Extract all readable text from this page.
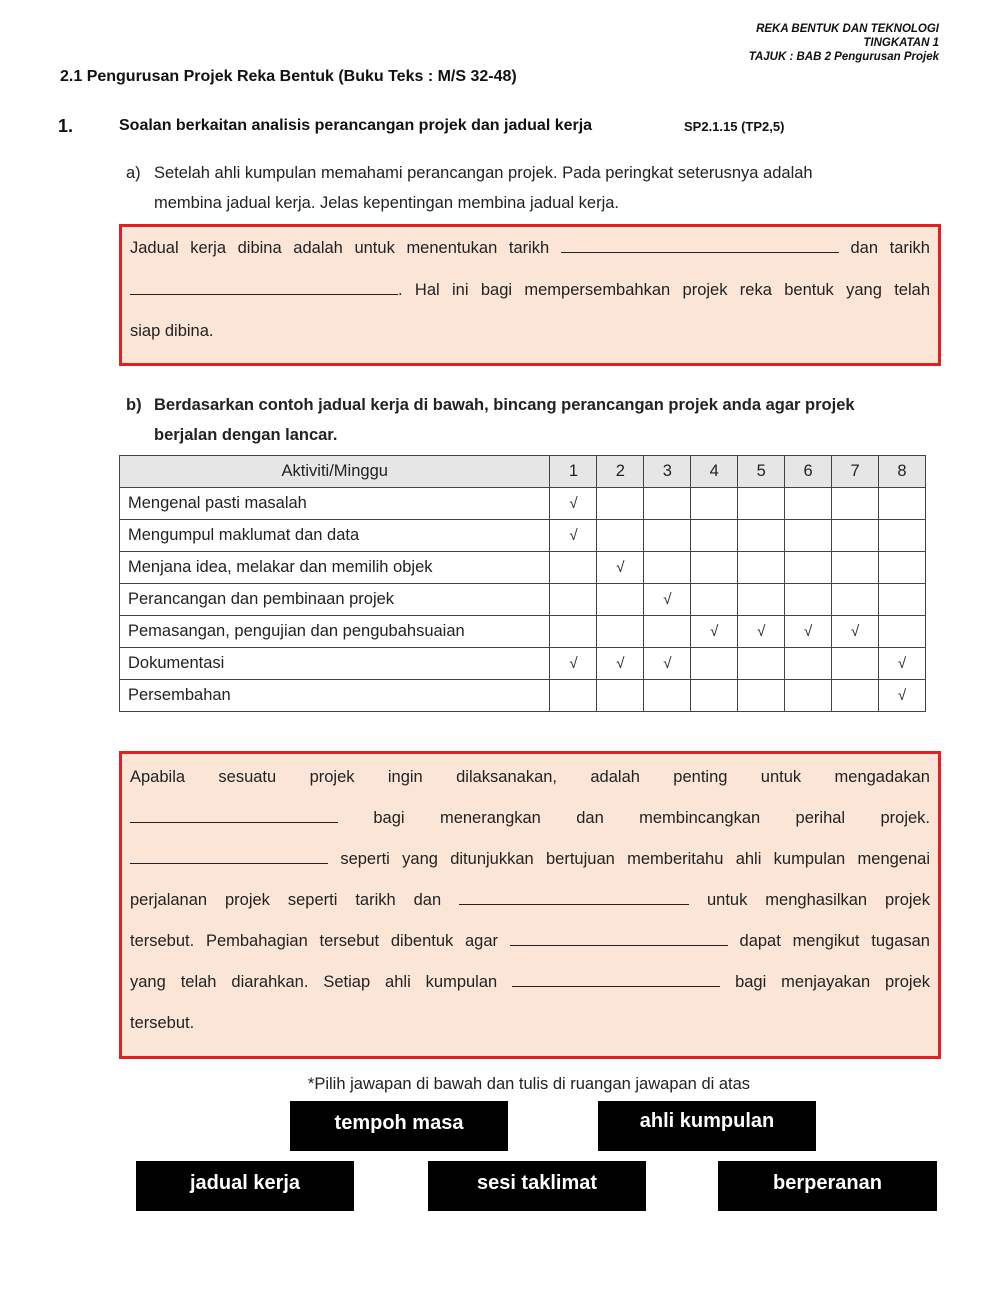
REKA BENTUK DAN TEKNOLOGI
TINGKATAN 1
TAJUK : BAB 2 Pengurusan Projek
2.1 Pengurusan Projek Reka Bentuk (Buku Teks : M/S 32-48)
1.	Soalan berkaitan analisis perancangan projek dan jadual kerja	SP2.1.15 (TP2,5)
a) Setelah ahli kumpulan memahami perancangan projek. Pada peringkat seterusnya adalah
membina jadual kerja. Jelas kepentingan membina jadual kerja.
Jadual kerja dibina adalah untuk menentukan tarikh	dan tarikh
. Hal ini bagi mempersembahkan projek reka bentuk yang telah
siap dibina.
b) Berdasarkan contoh jadual kerja di bawah, bincang perancangan projek anda agar projek
berjalan dengan lancar.
Aktiviti/Minggu	1	2	3	4	5	6	7	8
Mengenal pasti masalah	√							
Mengumpul maklumat dan data	√							
Menjana idea, melakar dan memilih objek		√						
Perancangan dan pembinaan projek			√					
Pemasangan, pengujian dan pengubahsuaian				√	√	√	√	
Dokumentasi	√	√	√					√
Persembahan								√
Apabila sesuatu projek ingin dilaksanakan, adalah penting untuk mengadakan
bagi menerangkan dan membincangkan perihal projek.
seperti yang ditunjukkan bertujuan memberitahu ahli kumpulan mengenai
perjalanan projek seperti tarikh dan	untuk menghasilkan projek
tersebut. Pembahagian tersebut dibentuk agar	dapat mengikut tugasan
yang telah diarahkan. Setiap ahli kumpulan	bagi menjayakan projek
tersebut.
*Pilih jawapan di bawah dan tulis di ruangan jawapan di atas
tempoh masa	ahli kumpulan
jadual kerja	sesi taklimat	berperanan
